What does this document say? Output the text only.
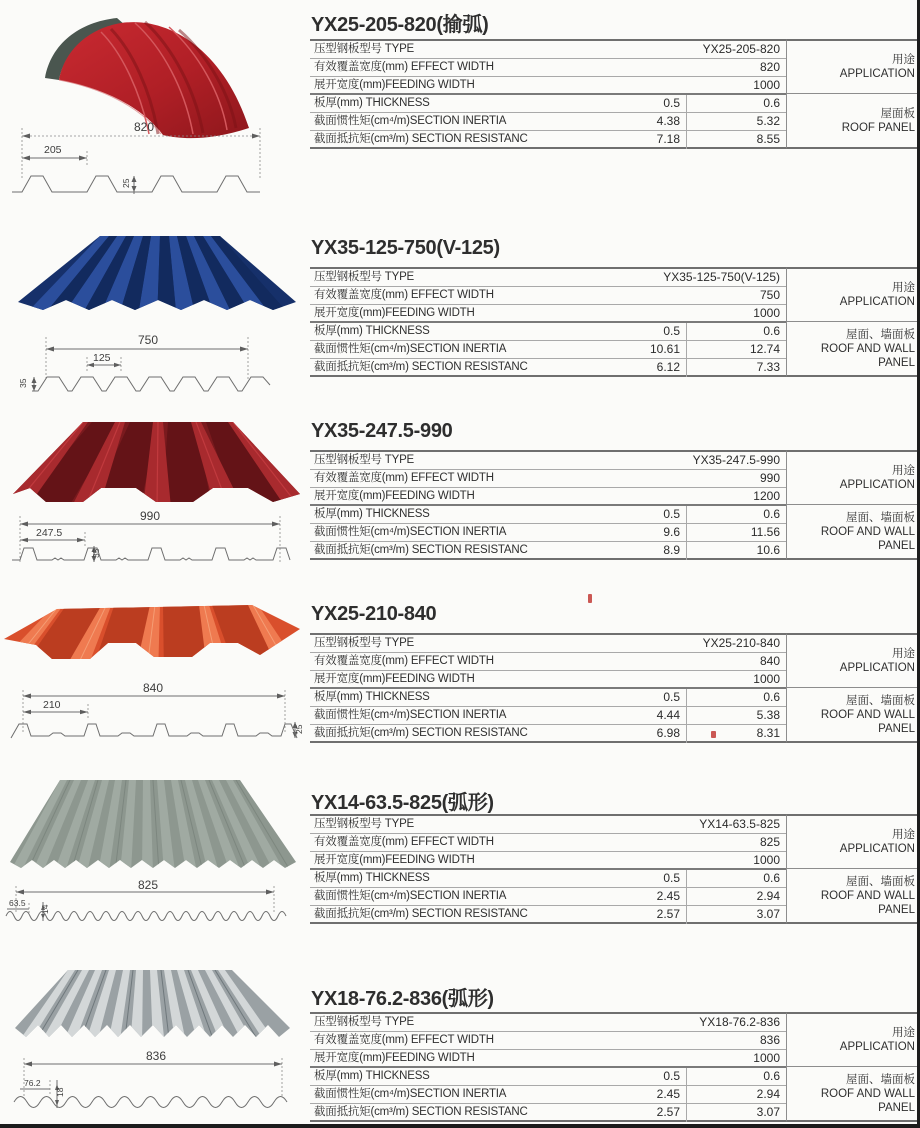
820
205
25
YX25-205-820(揄弧)
压型钢板型号 TYPE	YX25-205-820
有效覆盖宽度(mm) EFFECT WIDTH	820
展开宽度(mm)FEEDING WIDTH	1000
板厚(mm) THICKNESS	0.5	0.6
截面惯性矩(cm⁴/m)SECTION INERTIA	4.38	5.32
截面抵抗矩(cm³/m) SECTION RESISTANC	7.18	8.55
用途
APPLICATION
屋面板
ROOF PANEL
750
125
35
YX35-125-750(V-125)
压型钢板型号 TYPE	YX35-125-750(V-125)
有效覆盖宽度(mm) EFFECT WIDTH	750
展开宽度(mm)FEEDING WIDTH	1000
板厚(mm) THICKNESS	0.5	0.6
截面惯性矩(cm⁴/m)SECTION INERTIA	10.61	12.74
截面抵抗矩(cm³/m) SECTION RESISTANC	6.12	7.33
用途
APPLICATION
屋面、墙面板
ROOF AND WALL PANEL
990
247.5
35
YX35-247.5-990
压型钢板型号 TYPE	YX35-247.5-990
有效覆盖宽度(mm) EFFECT WIDTH	990
展开宽度(mm)FEEDING WIDTH	1200
板厚(mm) THICKNESS	0.5	0.6
截面惯性矩(cm⁴/m)SECTION INERTIA	9.6	11.56
截面抵抗矩(cm³/m) SECTION RESISTANC	8.9	10.6
用途
APPLICATION
屋面、墙面板
ROOF AND WALL PANEL
840
210
25
YX25-210-840
压型钢板型号 TYPE	YX25-210-840
有效覆盖宽度(mm) EFFECT WIDTH	840
展开宽度(mm)FEEDING WIDTH	1000
板厚(mm) THICKNESS	0.5	0.6
截面惯性矩(cm⁴/m)SECTION INERTIA	4.44	5.38
截面抵抗矩(cm³/m) SECTION RESISTANC	6.98	8.31
用途
APPLICATION
屋面、墙面板
ROOF AND WALL PANEL
825
63.5
14
YX14-63.5-825(弧形)
压型钢板型号 TYPE	YX14-63.5-825
有效覆盖宽度(mm) EFFECT WIDTH	825
展开宽度(mm)FEEDING WIDTH	1000
板厚(mm) THICKNESS	0.5	0.6
截面惯性矩(cm⁴/m)SECTION INERTIA	2.45	2.94
截面抵抗矩(cm³/m) SECTION RESISTANC	2.57	3.07
用途
APPLICATION
屋面、墙面板
ROOF AND WALL PANEL
836
76.2
18
YX18-76.2-836(弧形)
压型钢板型号 TYPE	YX18-76.2-836
有效覆盖宽度(mm) EFFECT WIDTH	836
展开宽度(mm)FEEDING WIDTH	1000
板厚(mm) THICKNESS	0.5	0.6
截面惯性矩(cm⁴/m)SECTION INERTIA	2.45	2.94
截面抵抗矩(cm³/m) SECTION RESISTANC	2.57	3.07
用途
APPLICATION
屋面、墙面板
ROOF AND WALL PANEL
